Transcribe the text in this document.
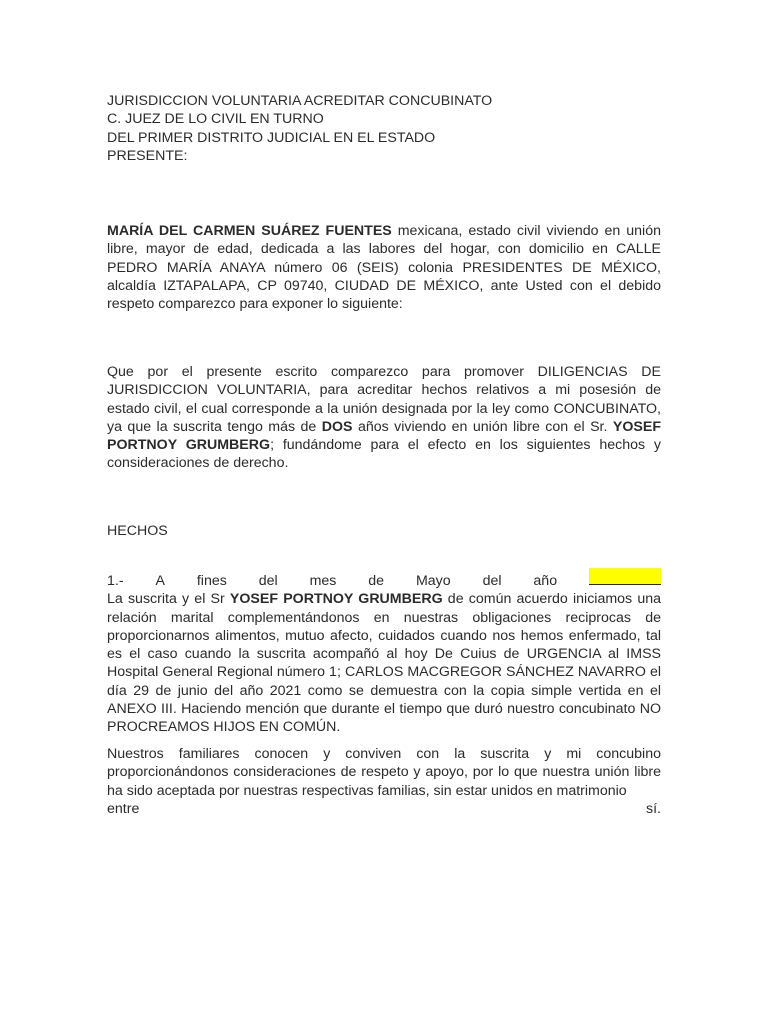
JURISDICCION VOLUNTARIA ACREDITAR CONCUBINATO
C. JUEZ DE LO CIVIL EN TURNO
DEL PRIMER DISTRITO JUDICIAL EN EL ESTADO
PRESENTE:

MARÍA DEL CARMEN SUÁREZ FUENTES mexicana, estado civil viviendo en unión libre, mayor de edad, dedicada a las labores del hogar, con domicilio en CALLE PEDRO MARÍA ANAYA número 06 (SEIS) colonia PRESIDENTES DE MÉXICO, alcaldía IZTAPALAPA, CP 09740, CIUDAD DE MÉXICO, ante Usted con el debido respeto comparezco para exponer lo siguiente:

Que por el presente escrito comparezco para promover DILIGENCIAS DE JURISDICCION VOLUNTARIA, para acreditar hechos relativos a mi posesión de estado civil, el cual corresponde a la unión designada por la ley como CONCUBINATO, ya que la suscrita tengo más de DOS años viviendo en unión libre con el Sr. YOSEF PORTNOY GRUMBERG; fundándome para el efecto en los siguientes hechos y consideraciones de derecho.

HECHOS
1.- A fines del mes de Mayo del año

La suscrita y el Sr YOSEF PORTNOY GRUMBERG de común acuerdo iniciamos una relación marital complementándonos en nuestras obligaciones reciprocas de proporcionarnos alimentos, mutuo afecto, cuidados cuando nos hemos enfermado, tal es el caso cuando la suscrita acompañó al hoy De Cuius de URGENCIA al IMSS Hospital General Regional número 1; CARLOS MACGREGOR SÁNCHEZ NAVARRO el día 29 de junio del año 2021 como se demuestra con la copia simple vertida en el ANEXO III. Haciendo mención que durante el tiempo que duró nuestro concubinato NO PROCREAMOS HIJOS EN COMÚN.

Nuestros familiares conocen y conviven con la suscrita y mi concubino proporcionándonos consideraciones de respeto y apoyo, por lo que nuestra unión libre ha sido aceptada por nuestras respectivas familias, sin estar unidos en matrimonio

entre	sí.
